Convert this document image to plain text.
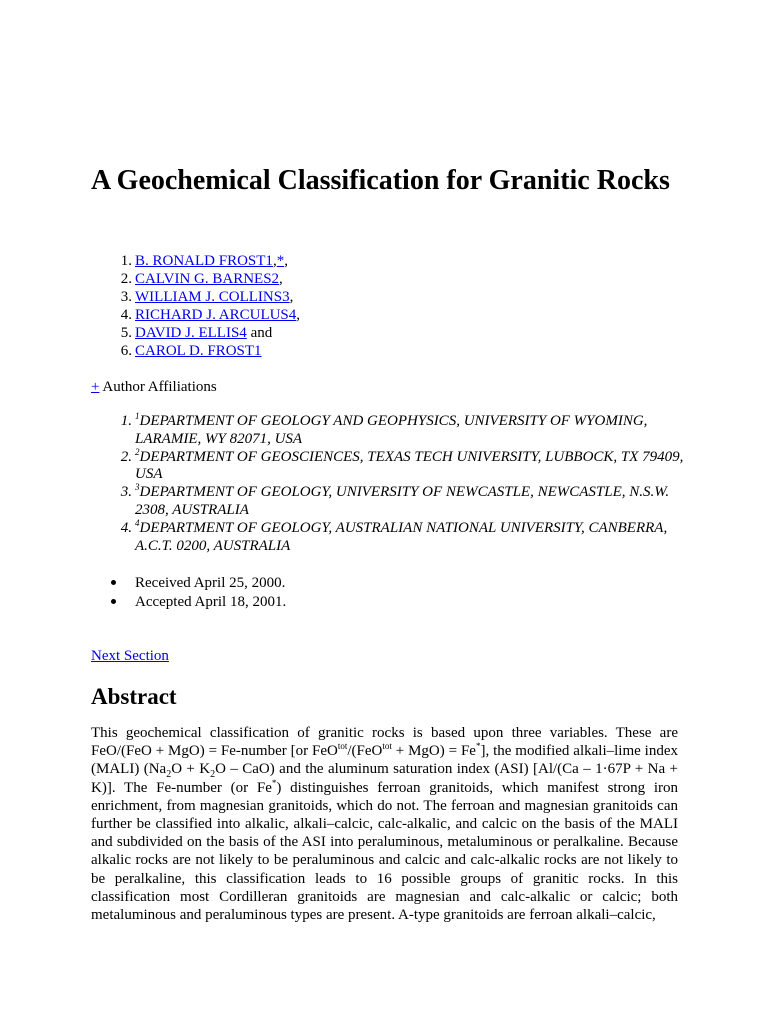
A Geochemical Classification for Granitic Rocks
1. B. RONALD FROST1,*,
2. CALVIN G. BARNES2,
3. WILLIAM J. COLLINS3,
4. RICHARD J. ARCULUS4,
5. DAVID J. ELLIS4 and
6. CAROL D. FROST1
+ Author Affiliations
1. $^1$DEPARTMENT OF GEOLOGY AND GEOPHYSICS, UNIVERSITY OF WYOMING, LARAMIE, WY 82071, USA
2. $^2$DEPARTMENT OF GEOSCIENCES, TEXAS TECH UNIVERSITY, LUBBOCK, TX 79409, USA
3. $^3$DEPARTMENT OF GEOLOGY, UNIVERSITY OF NEWCASTLE, NEWCASTLE, N.S.W. 2308, AUSTRALIA
4. $^4$DEPARTMENT OF GEOLOGY, AUSTRALIAN NATIONAL UNIVERSITY, CANBERRA, A.C.T. 0200, AUSTRALIA
Received April 25, 2000.
Accepted April 18, 2001.
Next Section
Abstract

This geochemical classification of granitic rocks is based upon three variables. These are FeO/(FeO + MgO) = Fe-number [or FeO$^{tot}$/(FeO$^{tot}$ + MgO) = Fe*], the modified alkali–lime index (MALI) $(Na_2O + K_2O - CaO)$ and the aluminum saturation index (ASI) [Al/(Ca – 1·67P + Na + K)]. The Fe-number (or Fe*) distinguishes ferroan granitoids, which manifest strong iron enrichment, from magnesian granitoids, which do not. The ferroan and magnesian granitoids can further be classified into alkalic, alkali–calcic, calc-alkalic, and calcic on the basis of the MALI and subdivided on the basis of the ASI into peraluminous, metaluminous or peralkaline. Because alkalic rocks are not likely to be peraluminous and calcic and calc-alkalic rocks are not likely to be peralkaline, this classification leads to 16 possible groups of granitic rocks. In this classification most Cordilleran granitoids are magnesian and calc-alkalic or calcic; both metaluminous and peraluminous types are present. A-type granitoids are ferroan alkali–calcic,
